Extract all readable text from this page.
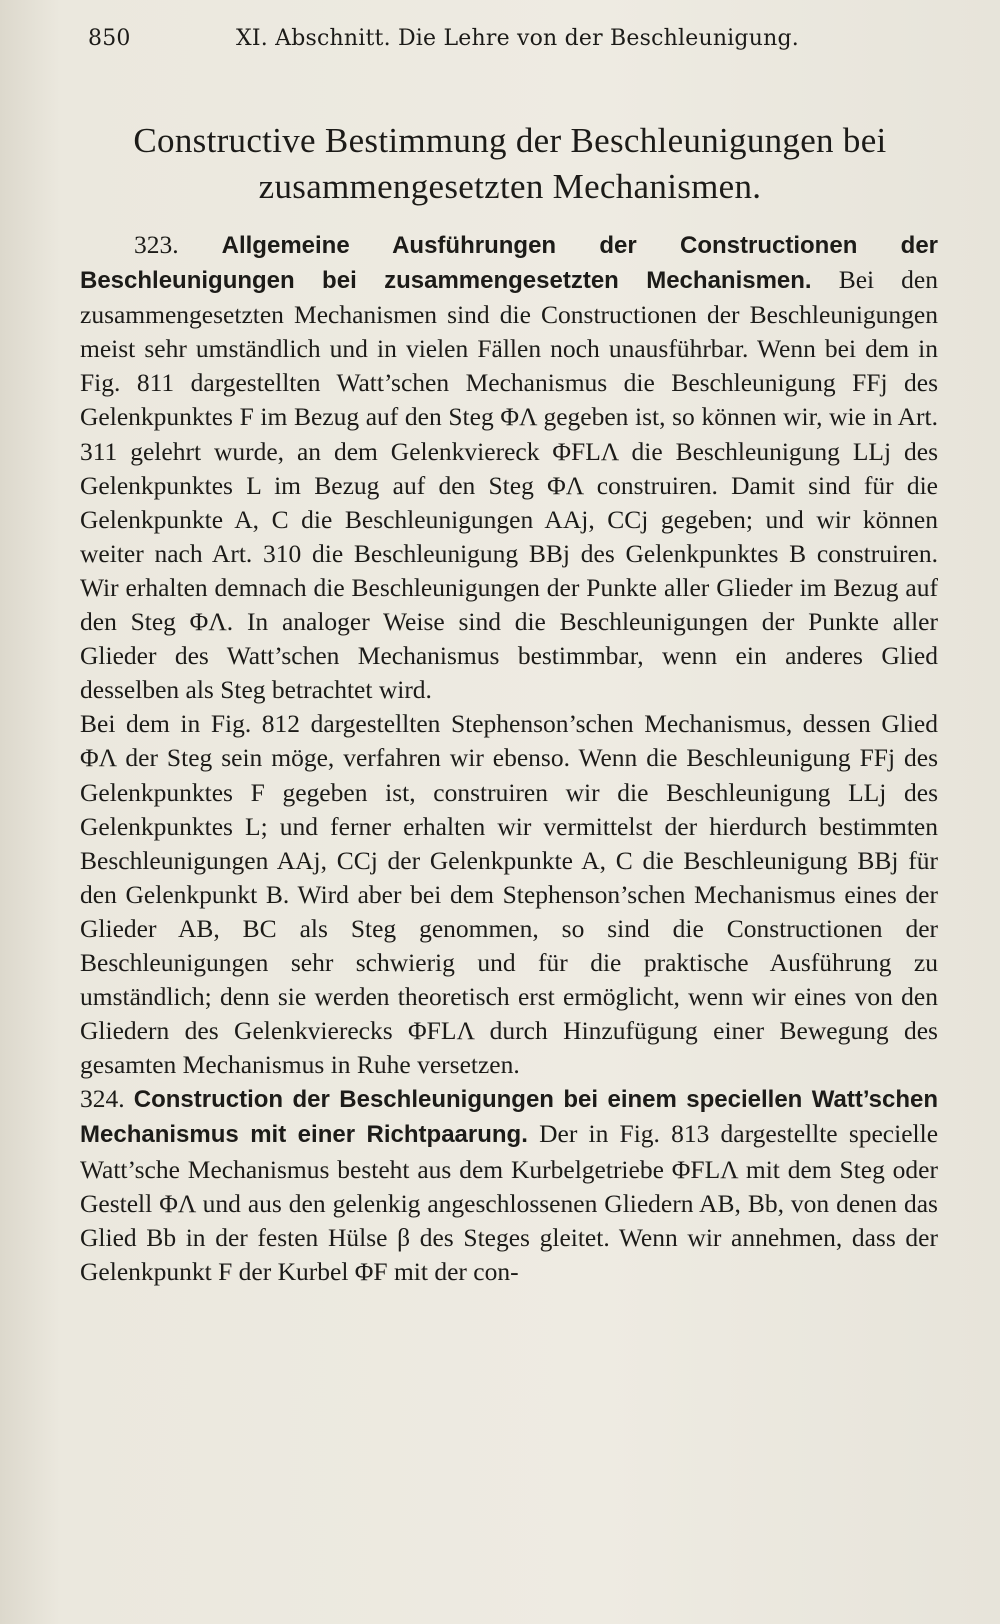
850	XI. Abschnitt. Die Lehre von der Beschleunigung.
Constructive Bestimmung der Beschleunigungen bei
zusammengesetzten Mechanismen.

323. Allgemeine Ausführungen der Constructionen der Beschleunigungen bei zusammengesetzten Mechanismen. Bei den zusammengesetzten Mechanismen sind die Constructionen der Beschleunigungen meist sehr umständlich und in vielen Fällen noch unausführbar. Wenn bei dem in Fig. 811 dargestellten Watt’schen Mechanismus die Beschleunigung FFj des Gelenkpunktes F im Bezug auf den Steg ΦΛ gegeben ist, so können wir, wie in Art. 311 gelehrt wurde, an dem Gelenkviereck ΦFLΛ die Beschleunigung LLj des Gelenkpunktes L im Bezug auf den Steg ΦΛ construiren. Damit sind für die Gelenkpunkte A, C die Beschleunigungen AAj, CCj gegeben; und wir können weiter nach Art. 310 die Beschleunigung BBj des Gelenkpunktes B construiren. Wir erhalten demnach die Beschleunigungen der Punkte aller Glieder im Bezug auf den Steg ΦΛ. In analoger Weise sind die Beschleunigungen der Punkte aller Glieder des Watt’schen Mechanismus bestimmbar, wenn ein anderes Glied desselben als Steg betrachtet wird.

Bei dem in Fig. 812 dargestellten Stephenson’schen Mechanismus, dessen Glied ΦΛ der Steg sein möge, verfahren wir ebenso. Wenn die Beschleunigung FFj des Gelenkpunktes F gegeben ist, construiren wir die Beschleunigung LLj des Gelenkpunktes L; und ferner erhalten wir vermittelst der hierdurch bestimmten Beschleunigungen AAj, CCj der Gelenkpunkte A, C die Beschleunigung BBj für den Gelenkpunkt B. Wird aber bei dem Stephenson’schen Mechanismus eines der Glieder AB, BC als Steg genommen, so sind die Constructionen der Beschleunigungen sehr schwierig und für die praktische Ausführung zu umständlich; denn sie werden theoretisch erst ermöglicht, wenn wir eines von den Gliedern des Gelenkvierecks ΦFLΛ durch Hinzufügung einer Bewegung des gesamten Mechanismus in Ruhe versetzen.

324. Construction der Beschleunigungen bei einem speciellen Watt’schen Mechanismus mit einer Richtpaarung. Der in Fig. 813 dargestellte specielle Watt’sche Mechanismus besteht aus dem Kurbelgetriebe ΦFLΛ mit dem Steg oder Gestell ΦΛ und aus den gelenkig angeschlossenen Gliedern AB, Bb, von denen das Glied Bb in der festen Hülse β des Steges gleitet. Wenn wir annehmen, dass der Gelenkpunkt F der Kurbel ΦF mit der con-
